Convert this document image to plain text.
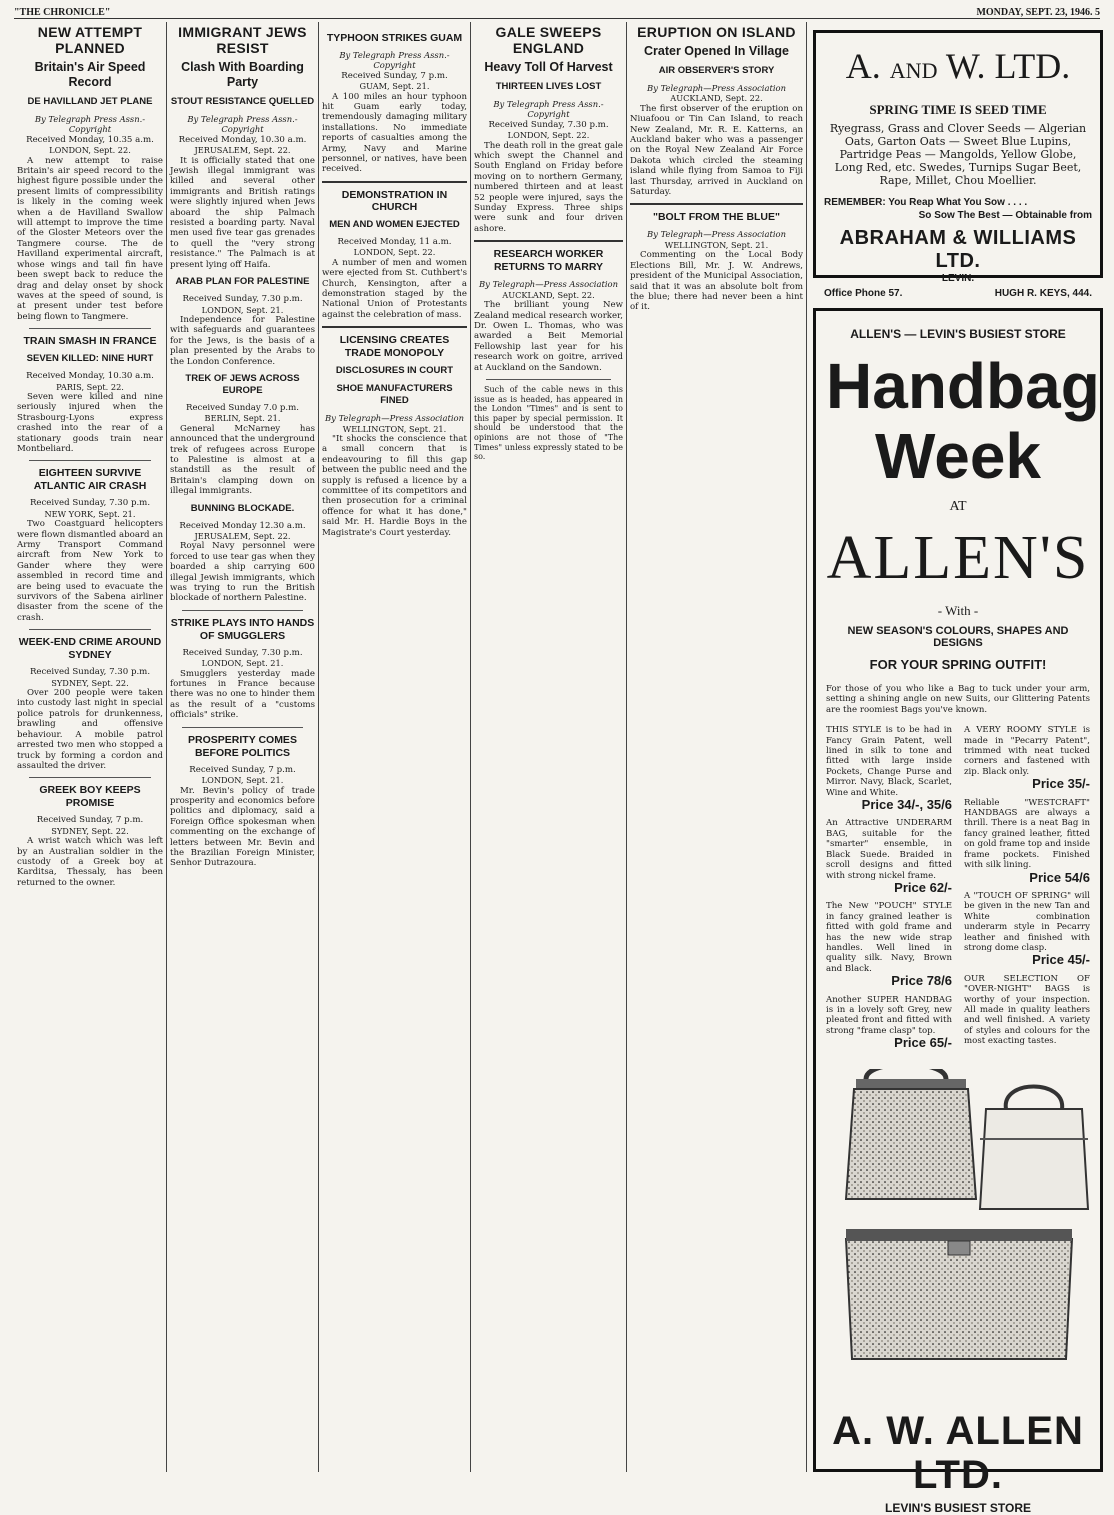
"THE CHRONICLE"	MONDAY, SEPT. 23, 1946. 5
NEW ATTEMPT PLANNED
Britain's Air Speed Record
DE HAVILLAND JET PLANE
By Telegraph Press Assn.-Copyright
Received Monday, 10.35 a.m.
LONDON, Sept. 22.

A new attempt to raise Britain's air speed record to the highest figure possible under the present limits of compressibility is likely in the coming week when a de Havilland Swallow will attempt to improve the time of the Gloster Meteors over the Tangmere course. The de Havilland experimental aircraft, whose wings and tail fin have been swept back to reduce the drag and delay onset by shock waves at the speed of sound, is at present under test before being flown to Tangmere.

TRAIN SMASH IN FRANCE
SEVEN KILLED: NINE HURT
Received Monday, 10.30 a.m.
PARIS, Sept. 22.

Seven were killed and nine seriously injured when the Strasbourg-Lyons express crashed into the rear of a stationary goods train near Montbeliard.

EIGHTEEN SURVIVE ATLANTIC AIR CRASH
Received Sunday, 7.30 p.m.
NEW YORK, Sept. 21.

Two Coastguard helicopters were flown dismantled aboard an Army Transport Command aircraft from New York to Gander where they were assembled in record time and are being used to evacuate the survivors of the Sabena airliner disaster from the scene of the crash.

WEEK-END CRIME AROUND SYDNEY
Received Sunday, 7.30 p.m.
SYDNEY, Sept. 22.

Over 200 people were taken into custody last night in special police patrols for drunkenness, brawling and offensive behaviour. A mobile patrol arrested two men who stopped a truck by forming a cordon and assaulted the driver.

GREEK BOY KEEPS PROMISE
Received Sunday, 7 p.m.
SYDNEY, Sept. 22.

A wrist watch which was left by an Australian soldier in the custody of a Greek boy at Karditsa, Thessaly, has been returned to the owner.

IMMIGRANT JEWS RESIST
Clash With Boarding Party
STOUT RESISTANCE QUELLED
By Telegraph Press Assn.-Copyright
Received Monday, 10.30 a.m.
JERUSALEM, Sept. 22.

It is officially stated that one Jewish illegal immigrant was killed and several other immigrants and British ratings were slightly injured when Jews aboard the ship Palmach resisted a boarding party. Naval men used five tear gas grenades to quell the "very strong resistance." The Palmach is at present lying off Haifa.

ARAB PLAN FOR PALESTINE
Received Sunday, 7.30 p.m.
LONDON, Sept. 21.

Independence for Palestine with safeguards and guarantees for the Jews, is the basis of a plan presented by the Arabs to the London Conference.

TREK OF JEWS ACROSS EUROPE
Received Sunday 7.0 p.m.
BERLIN, Sept. 21.

General McNarney has announced that the underground trek of refugees across Europe to Palestine is almost at a standstill as the result of Britain's clamping down on illegal immigrants.

BUNNING BLOCKADE.
Received Monday 12.30 a.m.
JERUSALEM, Sept. 22.

Royal Navy personnel were forced to use tear gas when they boarded a ship carrying 600 illegal Jewish immigrants, which was trying to run the British blockade of northern Palestine.

STRIKE PLAYS INTO HANDS OF SMUGGLERS
Received Sunday, 7.30 p.m.
LONDON, Sept. 21.

Smugglers yesterday made fortunes in France because there was no one to hinder them as the result of a "customs officials" strike.

PROSPERITY COMES BEFORE POLITICS
Received Sunday, 7 p.m.
LONDON, Sept. 21.

Mr. Bevin's policy of trade prosperity and economics before politics and diplomacy, said a Foreign Office spokesman when commenting on the exchange of letters between Mr. Bevin and the Brazilian Foreign Minister, Senhor Dutrazoura.

TYPHOON STRIKES GUAM
By Telegraph Press Assn.-Copyright
Received Sunday, 7 p.m.
GUAM, Sept. 21.

A 100 miles an hour typhoon hit Guam early today, tremendously damaging military installations. No immediate reports of casualties among the Army, Navy and Marine personnel, or natives, have been received.

DEMONSTRATION IN CHURCH
MEN AND WOMEN EJECTED
Received Monday, 11 a.m.
LONDON, Sept. 22.

A number of men and women were ejected from St. Cuthbert's Church, Kensington, after a demonstration staged by the National Union of Protestants against the celebration of mass.

LICENSING CREATES TRADE MONOPOLY
DISCLOSURES IN COURT
SHOE MANUFACTURERS FINED
By Telegraph—Press Association
WELLINGTON, Sept. 21.

"It shocks the conscience that a small concern that is endeavouring to fill this gap between the public need and the supply is refused a licence by a committee of its competitors and then prosecution for a criminal offence for what it has done," said Mr. H. Hardie Boys in the Magistrate's Court yesterday.

GALE SWEEPS ENGLAND
Heavy Toll Of Harvest
THIRTEEN LIVES LOST
By Telegraph Press Assn.-Copyright
Received Sunday, 7.30 p.m.
LONDON, Sept. 22.

The death roll in the great gale which swept the Channel and South England on Friday before moving on to northern Germany, numbered thirteen and at least 52 people were injured, says the Sunday Express. Three ships were sunk and four driven ashore.

RESEARCH WORKER RETURNS TO MARRY
By Telegraph—Press Association
AUCKLAND, Sept. 22.

The brilliant young New Zealand medical research worker, Dr. Owen L. Thomas, who was awarded a Beit Memorial Fellowship last year for his research work on goitre, arrived at Auckland on the Sandown.

Such of the cable news in this issue as is headed, has appeared in the London "Times" and is sent to this paper by special permission. It should be understood that the opinions are not those of "The Times" unless expressly stated to be so.

ERUPTION ON ISLAND
Crater Opened In Village
AIR OBSERVER'S STORY
By Telegraph—Press Association
AUCKLAND, Sept. 22.

The first observer of the eruption on Niuafoou or Tin Can Island, to reach New Zealand, Mr. R. E. Katterns, an Auckland baker who was a passenger on the Royal New Zealand Air Force Dakota which circled the steaming island while flying from Samoa to Fiji last Thursday, arrived in Auckland on Saturday.

"BOLT FROM THE BLUE"
By Telegraph—Press Association
WELLINGTON, Sept. 21.

Commenting on the Local Body Elections Bill, Mr. J. W. Andrews, president of the Municipal Association, said that it was an absolute bolt from the blue; there had never been a hint of it.

A. AND W. LTD.
SPRING TIME IS SEED TIME
Ryegrass, Grass and Clover Seeds — Algerian Oats, Garton Oats — Sweet Blue Lupins, Partridge Peas — Mangolds, Yellow Globe, Long Red, etc. Swedes, Turnips Sugar Beet, Rape, Millet, Chou Moellier.
REMEMBER: You Reap What You Sow . . . .
So Sow The Best — Obtainable from
ABRAHAM & WILLIAMS LTD.
LEVIN.
Office Phone 57.	HUGH R. KEYS, 444.
ALLEN'S — LEVIN'S BUSIEST STORE
Handbag
Week
AT
ALLEN'S
- With -
NEW SEASON'S COLOURS, SHAPES AND DESIGNS
FOR YOUR SPRING OUTFIT!
For those of you who like a Bag to tuck under your arm, setting a shining angle on new Suits, our Glittering Patents are the roomiest Bags you've known.
THIS STYLE is to be had in Fancy Grain Patent, well lined in silk to tone and fitted with large inside Pockets, Change Purse and Mirror. Navy, Black, Scarlet, Wine and White.
Price 34/-, 35/6
An Attractive UNDERARM BAG, suitable for the "smarter" ensemble, in Black Suede. Braided in scroll designs and fitted with strong nickel frame.
Price 62/-
The New "POUCH" STYLE in fancy grained leather is fitted with gold frame and has the new wide strap handles. Well lined in quality silk. Navy, Brown and Black.
Price 78/6
Another SUPER HANDBAG is in a lovely soft Grey, new pleated front and fitted with strong "frame clasp" top.
Price 65/-
A VERY ROOMY STYLE is made in "Pecarry Patent", trimmed with neat tucked corners and fastened with zip. Black only.
Price 35/-
Reliable "WESTCRAFT" HANDBAGS are always a thrill. There is a neat Bag in fancy grained leather, fitted on gold frame top and inside frame pockets. Finished with silk lining.
Price 54/6
A "TOUCH OF SPRING" will be given in the new Tan and White combination underarm style in Pecarry leather and finished with strong dome clasp.
Price 45/-
OUR SELECTION OF "OVER-NIGHT" BAGS is worthy of your inspection. All made in quality leathers and well finished. A variety of styles and colours for the most exacting tastes.
A. W. ALLEN LTD.
LEVIN'S BUSIEST STORE
